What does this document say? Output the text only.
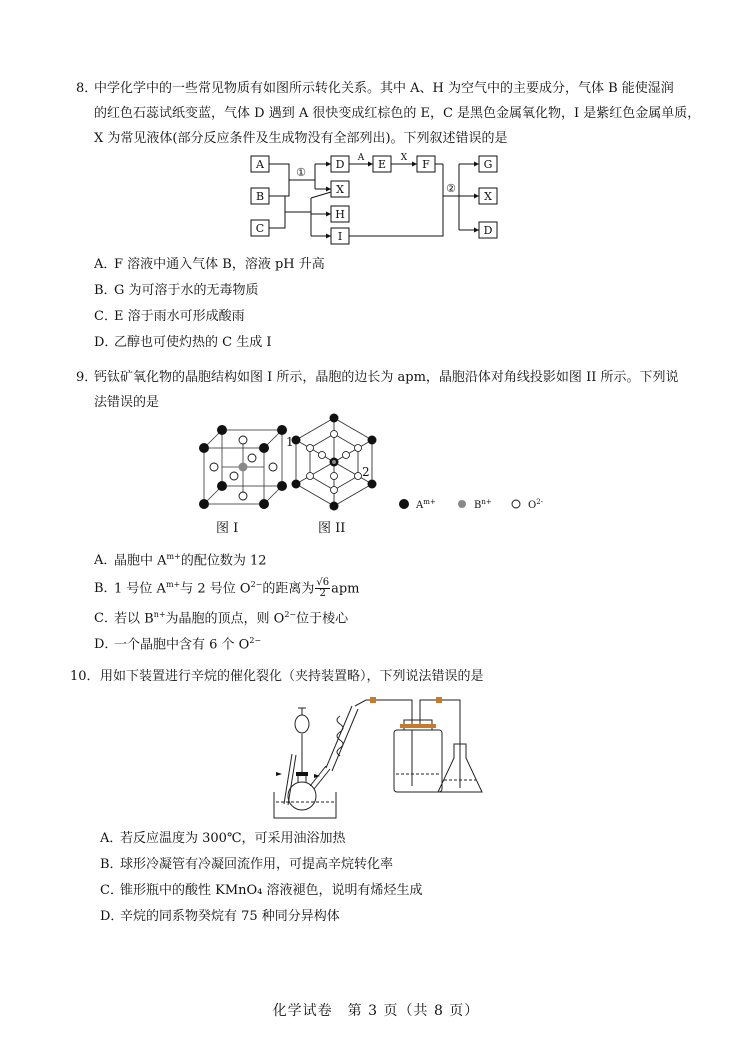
8．
中学化学中的一些常见物质有如图所示转化关系。其中 A、H 为空气中的主要成分，气体 B 能使湿润
的红色石蕊试纸变蓝，气体 D 遇到 A 很快变成红棕色的 E，C 是黑色金属氧化物，I 是紫红色金属单质，
X 为常见液体(部分反应条件及生成物没有全部列出)。下列叙述错误的是
A
B
C
D
X
H
I
E	F	G
X
D
①
A	X
②
A．F 溶液中通入气体 B，溶液 pH 升高
B．G 为可溶于水的无毒物质
C．E 溶于雨水可形成酸雨
D．乙醇也可使灼热的 C 生成 I
9．
钙钛矿氧化物的晶胞结构如图 I 所示，晶胞的边长为 apm，晶胞沿体对角线投影如图 II 所示。下列说
法错误的是
1
2
$A^{m+}$	$B^{n+}$	$O^{2-}$
图 I	图 II
A．晶胞中 $A^{m+}$的配位数为 12
B．1 号位 $A^{m+}$与 2 号位 $O^{2-}$的距离为 $\frac{√6}{2}$ apm
C．若以 $B^{n+}$为晶胞的顶点，则 $O^{2-}$位于棱心
D．一个晶胞中含有 6 个 $O^{2-}$
10． 用如下装置进行辛烷的催化裂化（夹持装置略），下列说法错误的是
A．若反应温度为 300℃，可采用油浴加热
B．球形冷凝管有冷凝回流作用，可提高辛烷转化率
C．锥形瓶中的酸性 KMnO₄ 溶液褪色，说明有烯烃生成
D．辛烷的同系物癸烷有 75 种同分异构体
化学试卷　第 3 页（共 8 页）
